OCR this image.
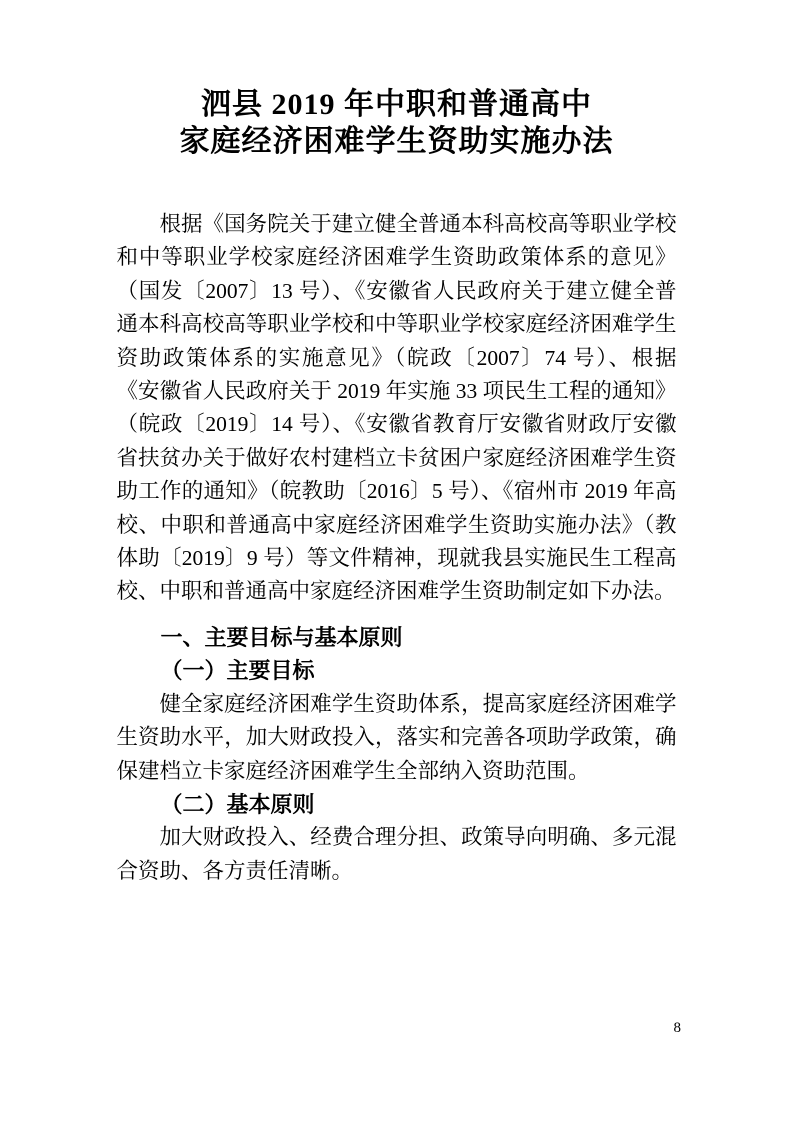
泗县 2019 年中职和普通高中
家庭经济困难学生资助实施办法

根据《国务院关于建立健全普通本科高校高等职业学校和中等职业学校家庭经济困难学生资助政策体系的意见》（国发〔2007〕13 号）、《安徽省人民政府关于建立健全普通本科高校高等职业学校和中等职业学校家庭经济困难学生资助政策体系的实施意见》（皖政〔2007〕74 号）、根据《安徽省人民政府关于 2019 年实施 33 项民生工程的通知》（皖政〔2019〕14 号）、《安徽省教育厅安徽省财政厅安徽省扶贫办关于做好农村建档立卡贫困户家庭经济困难学生资助工作的通知》（皖教助〔2016〕5 号）、《宿州市 2019 年高校、中职和普通高中家庭经济困难学生资助实施办法》（教体助〔2019〕9 号）等文件精神，现就我县实施民生工程高校、中职和普通高中家庭经济困难学生资助制定如下办法。

一、主要目标与基本原则

（一）主要目标

健全家庭经济困难学生资助体系，提高家庭经济困难学生资助水平，加大财政投入，落实和完善各项助学政策，确保建档立卡家庭经济困难学生全部纳入资助范围。

（二）基本原则

加大财政投入、经费合理分担、政策导向明确、多元混合资助、各方责任清晰。

8
